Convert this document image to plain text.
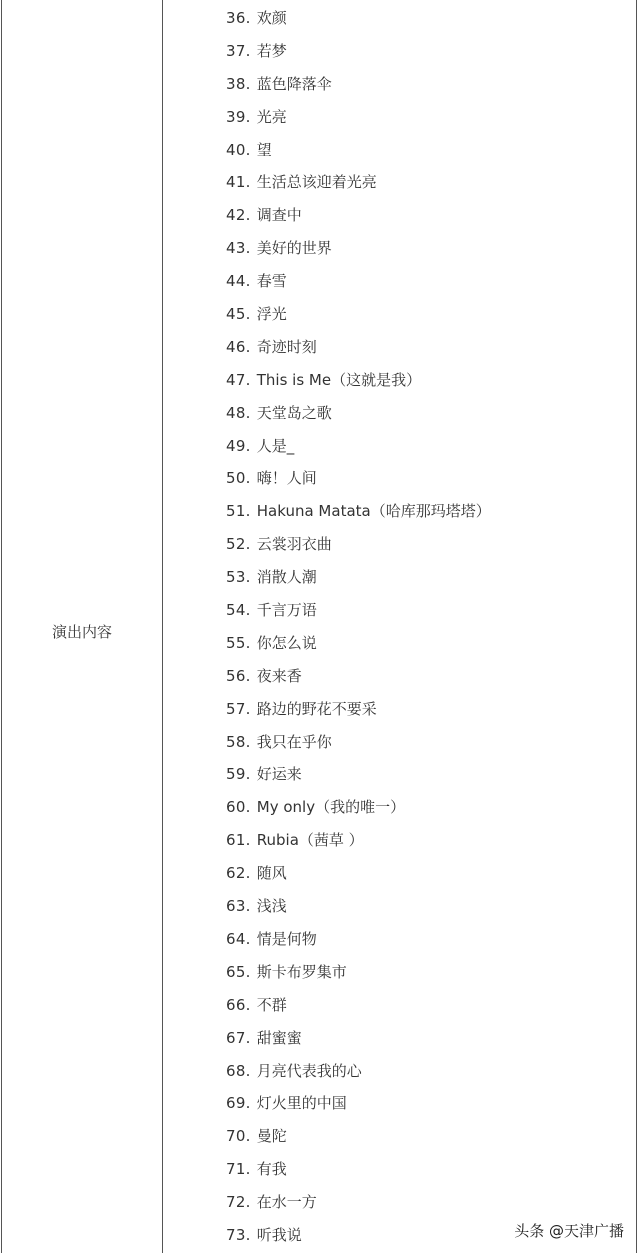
演出内容
36. 欢颜
37. 若梦
38. 蓝色降落伞
39. 光亮
40. 望
41. 生活总该迎着光亮
42. 调查中
43. 美好的世界
44. 春雪
45. 浮光
46. 奇迹时刻
47. This is Me（这就是我）
48. 天堂岛之歌
49. 人是_
50. 嗨！人间
51. Hakuna Matata（哈库那玛塔塔）
52. 云裳羽衣曲
53. 消散人潮
54. 千言万语
55. 你怎么说
56. 夜来香
57. 路边的野花不要采
58. 我只在乎你
59. 好运来
60. My only（我的唯一）
61. Rubia（茜草 ）
62. 随风
63. 浅浅
64. 情是何物
65. 斯卡布罗集市
66. 不群
67. 甜蜜蜜
68. 月亮代表我的心
69. 灯火里的中国
70. 曼陀
71. 有我
72. 在水一方
73. 听我说	头条 @天津广播
